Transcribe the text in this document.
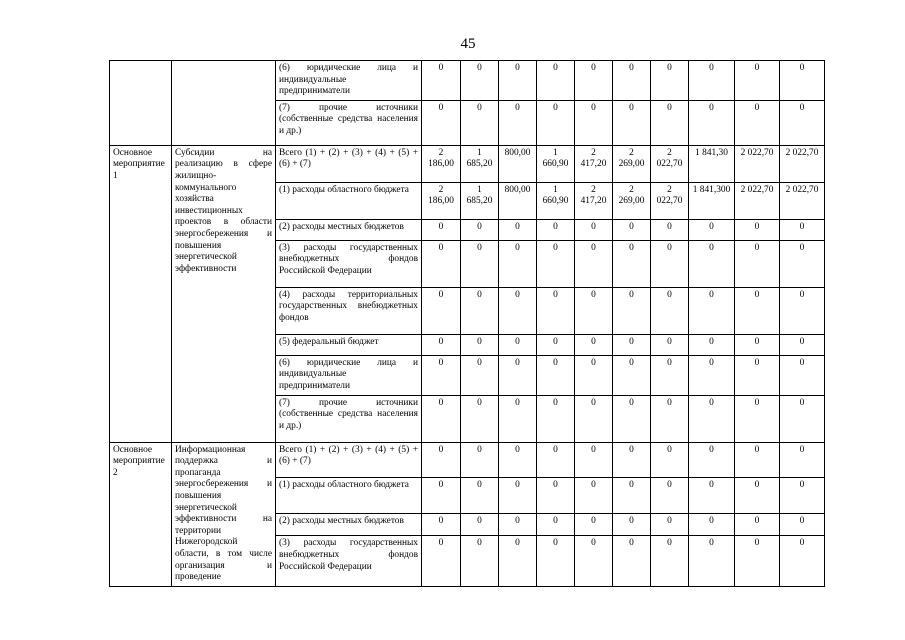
45
		(6) юридические лица и индивидуальные предприниматели	0	0	0	0	0	0	0	0	0	0
		(7) прочие источники (собственные средства населения и др.)	0	0	0	0	0	0	0	0	0	0
Основное мероприятие 1	Субсидии на реализацию в сфере жилищно-коммунального хозяйства инвестиционных проектов в области энергосбережения и повышения энергетической эффективности	Всего (1) + (2) + (3) + (4) + (5) + (6) + (7)	2 186,00	1 685,20	800,00	1 660,90	2 417,20	2 269,00	2 022,70	1 841,30	2 022,70	2 022,70
		(1) расходы областного бюджета	2 186,00	1 685,20	800,00	1 660,90	2 417,20	2 269,00	2 022,70	1 841,300	2 022,70	2 022,70
		(2) расходы местных бюджетов	0	0	0	0	0	0	0	0	0	0
		(3) расходы государственных внебюджетных фондов Российской Федерации	0	0	0	0	0	0	0	0	0	0
		(4) расходы территориальных государственных внебюджетных фондов	0	0	0	0	0	0	0	0	0	0
		(5) федеральный бюджет	0	0	0	0	0	0	0	0	0	0
		(6) юридические лица и индивидуальные предприниматели	0	0	0	0	0	0	0	0	0	0
		(7) прочие источники (собственные средства населения и др.)	0	0	0	0	0	0	0	0	0	0
Основное мероприятие 2	Информационная поддержка и пропаганда энергосбережения и повышения энергетической эффективности на территории Нижегородской области, в том числе организация и проведение	Всего (1) + (2) + (3) + (4) + (5) + (6) + (7)	0	0	0	0	0	0	0	0	0	0
		(1) расходы областного бюджета	0	0	0	0	0	0	0	0	0	0
		(2) расходы местных бюджетов	0	0	0	0	0	0	0	0	0	0
		(3) расходы государственных внебюджетных фондов Российской Федерации	0	0	0	0	0	0	0	0	0	0
